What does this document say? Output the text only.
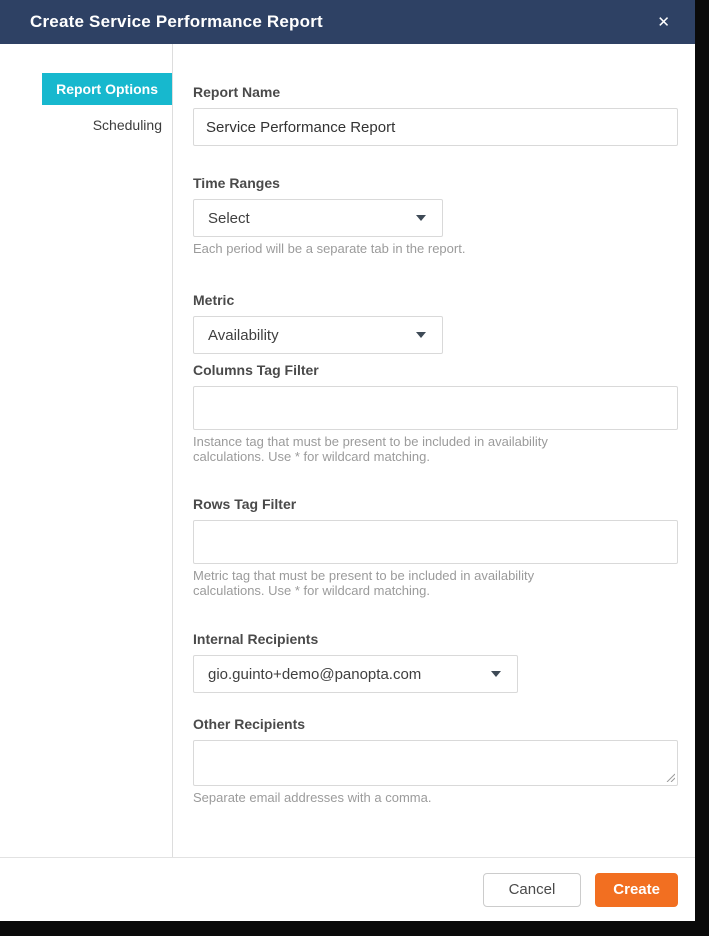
Create Service Performance Report	✕
Report Options
Scheduling
Report Name
Service Performance Report
Time Ranges
Select
Each period will be a separate tab in the report.
Metric
Availability
Columns Tag Filter
Instance tag that must be present to be included in availability calculations. Use * for wildcard matching.
Rows Tag Filter
Metric tag that must be present to be included in availability calculations. Use * for wildcard matching.
Internal Recipients
gio.guinto+demo@panopta.com
Other Recipients
Separate email addresses with a comma.
Cancel	Create
